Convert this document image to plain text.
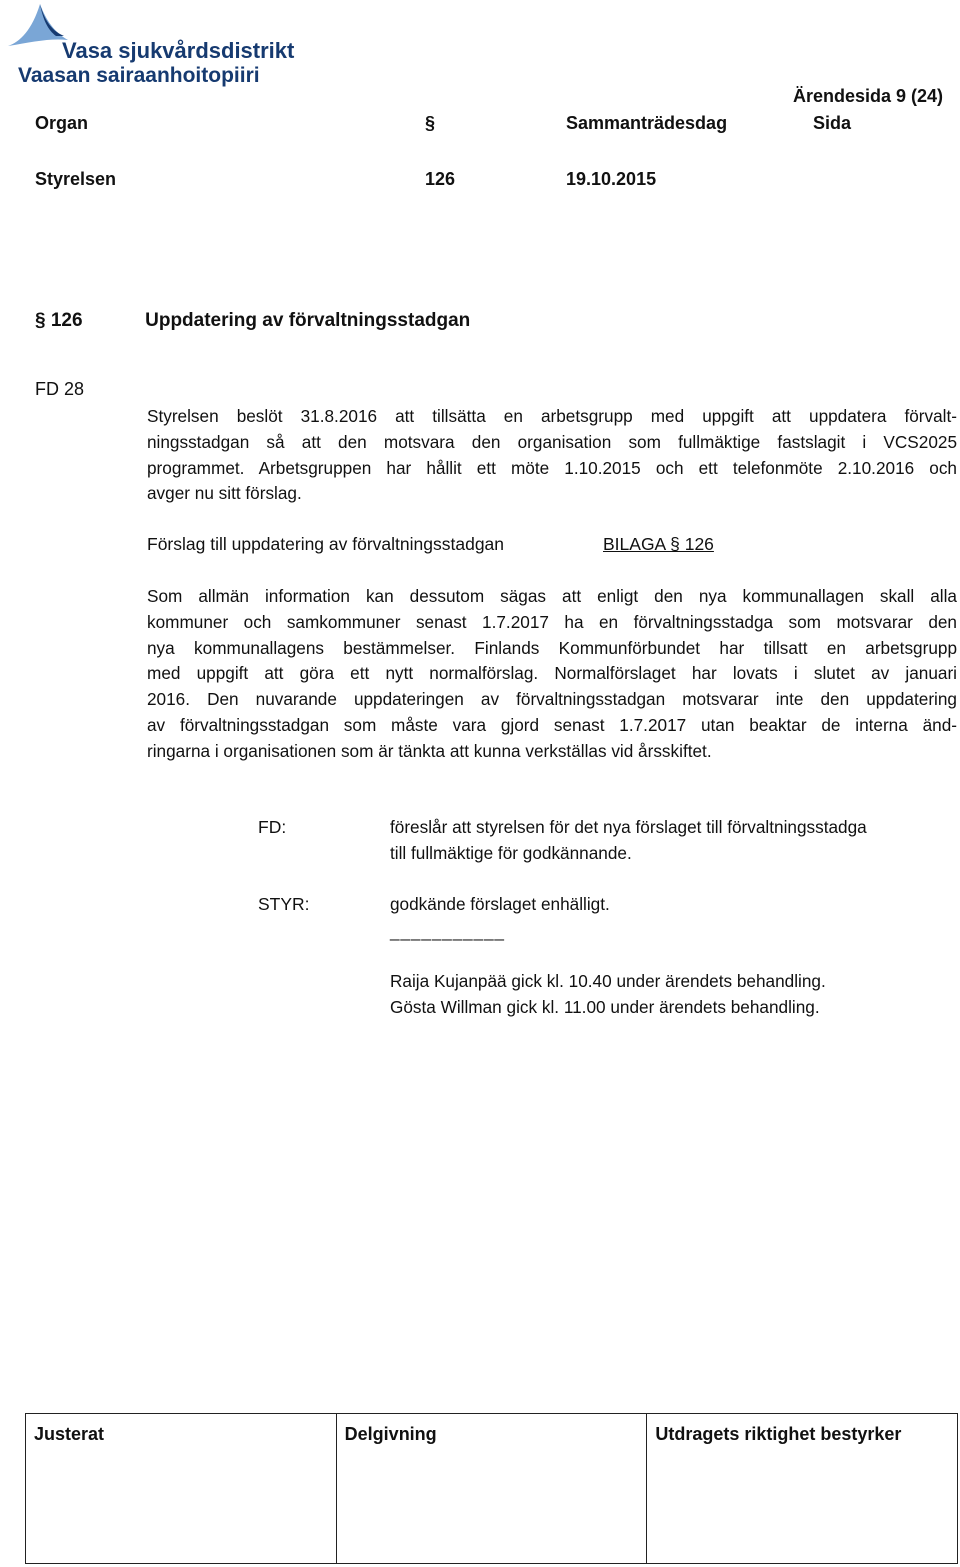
Vasa sjukvårdsdistrikt
Vaasan sairaanhoitopiiri
Ärendesida 9 (24)
Organ	§	Sammanträdesdag	Sida
Styrelsen	126	19.10.2015
§ 126	Uppdatering av förvaltningsstadgan
FD 28
Styrelsen beslöt 31.8.2016 att tillsätta en arbetsgrupp med uppgift att uppdatera förvalt-
ningsstadgan så att den motsvara den organisation som fullmäktige fastslagit i VCS2025
programmet. Arbetsgruppen har hållit ett möte 1.10.2015 och ett telefonmöte 2.10.2016 och
avger nu sitt förslag.
Förslag till uppdatering av förvaltningsstadgan	BILAGA § 126
Som allmän information kan dessutom sägas att enligt den nya kommunallagen skall alla
kommuner och samkommuner senast 1.7.2017 ha en förvaltningsstadga som motsvarar den
nya kommunallagens bestämmelser. Finlands Kommunförbundet har tillsatt en arbetsgrupp
med uppgift att göra ett nytt normalförslag. Normalförslaget har lovats i slutet av januari
2016. Den nuvarande uppdateringen av förvaltningsstadgan motsvarar inte den uppdatering
av förvaltningsstadgan som måste vara gjord senast 1.7.2017 utan beaktar de interna änd-
ringarna i organisationen som är tänkta att kunna verkställas vid årsskiftet.
FD:	föreslår att styrelsen för det nya förslaget till förvaltningsstadga
till fullmäktige för godkännande.
STYR:	godkände förslaget enhälligt.
___________
Raija Kujanpää gick kl. 10.40 under ärendets behandling.
Gösta Willman gick kl. 11.00 under ärendets behandling.
Justerat	Delgivning	Utdragets riktighet bestyrker
